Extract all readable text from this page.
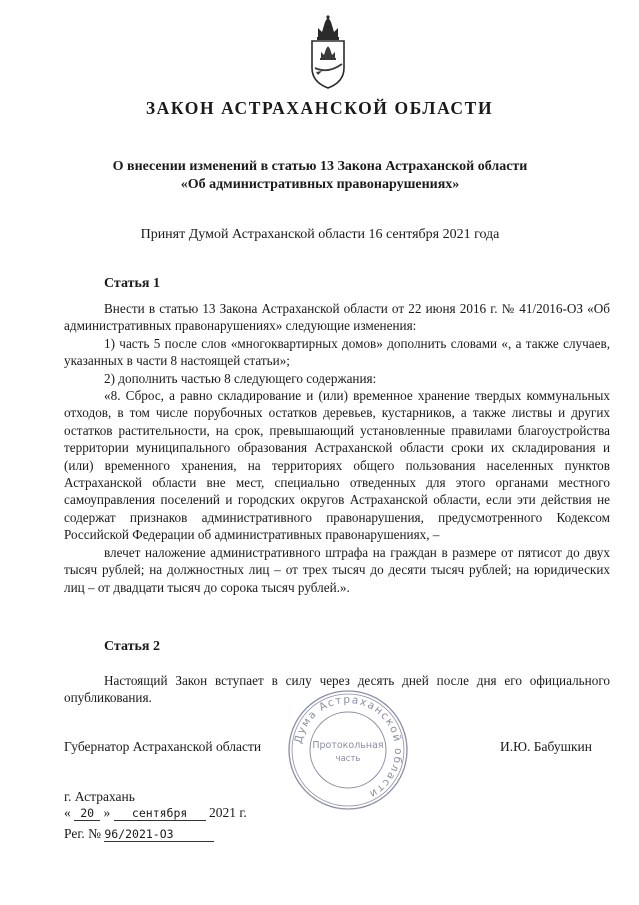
ЗАКОН АСТРАХАНСКОЙ ОБЛАСТИ
О внесении изменений в статью 13 Закона Астраханской области
«Об административных правонарушениях»
Принят Думой Астраханской области 16 сентября 2021 года
Статья 1

Внести в статью 13 Закона Астраханской области от 22 июня 2016 г. № 41/2016-ОЗ «Об административных правонарушениях» следующие изменения:

1) часть 5 после слов «многоквартирных домов» дополнить словами «, а также случаев, указанных в части 8 настоящей статьи»;

2) дополнить частью 8 следующего содержания:

«8. Сброс, а равно складирование и (или) временное хранение твердых коммунальных отходов, в том числе порубочных остатков деревьев, кустарников, а также листвы и других остатков растительности, на срок, превышающий установленные правилами благоустройства территории муниципального образования Астраханской области сроки их складирования и (или) временного хранения, на территориях общего пользования населенных пунктов Астраханской области вне мест, специально отведенных для этого органами местного самоуправления поселений и городских округов Астраханской области, если эти действия не содержат признаков административного правонарушения, предусмотренного Кодексом Российской Федерации об административных правонарушениях, –

влечет наложение административного штрафа на граждан в размере от пятисот до двух тысяч рублей; на должностных лиц – от трех тысяч до десяти тысяч рублей; на юридических лиц – от двадцати тысяч до сорока тысяч рублей.».

Статья 2

Настоящий Закон вступает в силу через десять дней после дня его официального опубликования.

Дума Астраханской области
Протокольная
часть
Губернатор Астраханской области	И.Ю. Бабушкин
г. Астрахань
« 20 » сентября 2021 г.
Рег. № 96/2021-ОЗ
